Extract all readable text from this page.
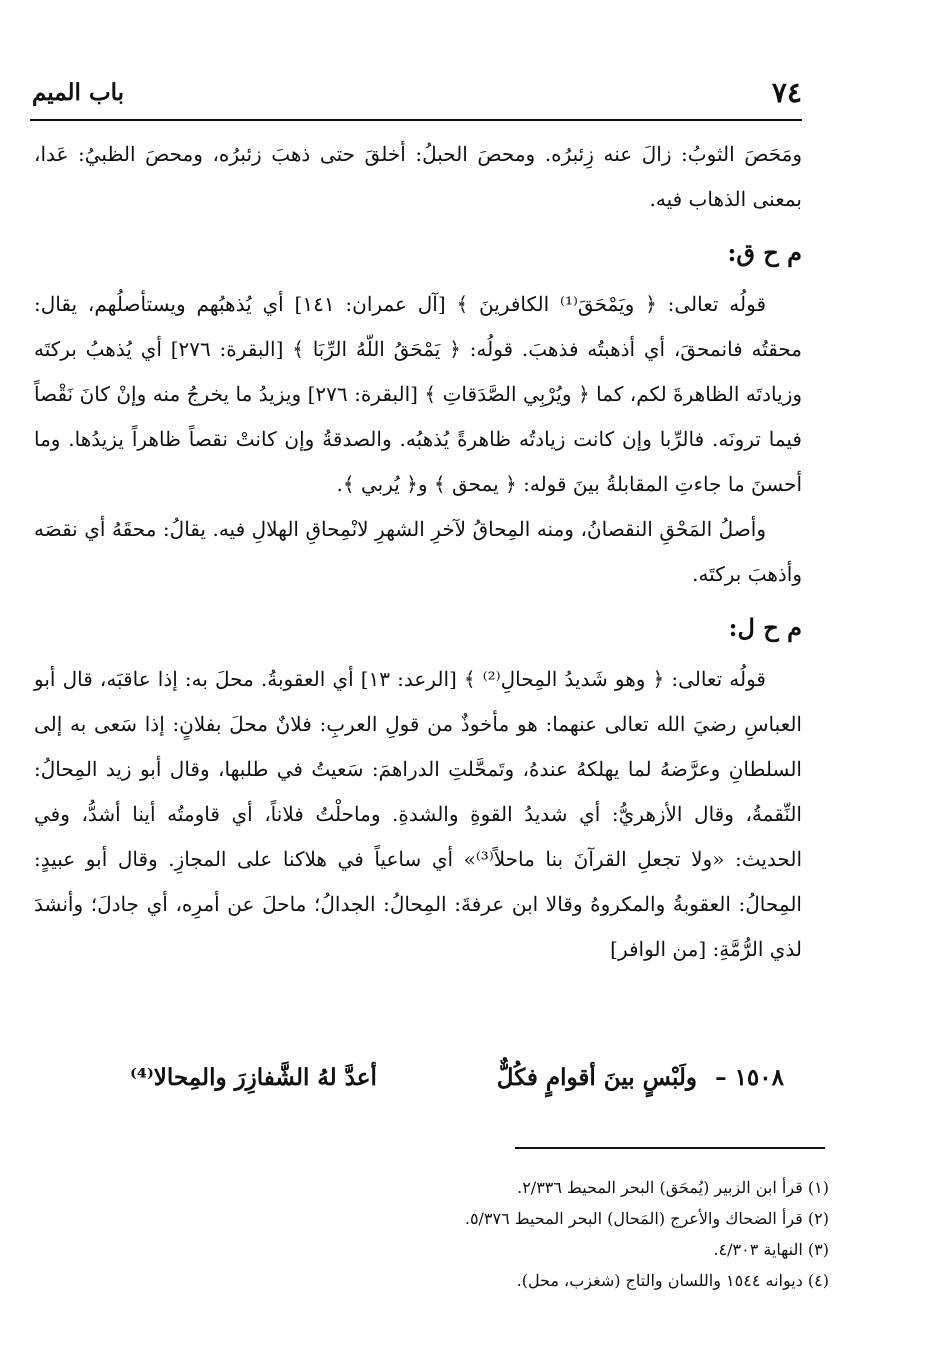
٧٤
باب الميم

ومَحَصَ الثوبُ: زالَ عنه زِئبرُه. ومحصَ الحبلُ: أخلقَ حتى ذهبَ زئبرُه، ومحصَ الظبيُ: عَدا، بمعنى الذهاب فيه.

م ح ق:

قولُه تعالى: ﴿ ويَمْحَقَ⁽¹⁾ الكافرينَ ﴾ [آل عمران: ١٤١] أي يُذهبُهم ويستأصلُهم، يقال: محقتُه فانمحقَ، أي أذهبتُه فذهبَ. قولُه: ﴿ يَمْحَقُ اللّهُ الرِّبَا ﴾ [البقرة: ٢٧٦] أي يُذهبُ بركتَه وزيادتَه الظاهرةَ لكم، كما ﴿ ويُرْبِي الصَّدَقاتِ ﴾ [البقرة: ٢٧٦] ويزيدُ ما يخرجُ منه وإنْ كانَ نَقْصاً فيما ترونَه. فالرِّبا وإن كانت زيادتُه ظاهرةً يُذهبُه. والصدقةُ وإن كانتْ نقصاً ظاهراً يزيدُها. وما أحسنَ ما جاءتِ المقابلةُ بينَ قوله: ﴿ يمحق ﴾ و﴿ يُربي ﴾.

وأصلُ المَحْقِ النقصانُ، ومنه المِحاقُ لآخرِ الشهرِ لانْمِحاقِ الهلالِ فيه. يقالُ: محقَهُ أي نقصَه وأذهبَ بركتَه.

م ح ل:

قولُه تعالى: ﴿ وهو شَديدُ المِحالِ⁽²⁾ ﴾ [الرعد: ١٣] أي العقوبةُ. محلَ به: إذا عاقبَه، قال أبو العباسِ رضيَ الله تعالى عنهما: هو مأخوذٌ من قولِ العربِ: فلانٌ محلَ بفلانٍ: إذا سَعى به إلى السلطانِ وعرَّضهُ لما يهلكهُ عندهُ، وتَمحَّلتِ الدراهمَ: سَعيتُ في طلبها، وقال أبو زيد المِحالُ: النِّقمةُ، وقال الأزهريُّ: أي شديدُ القوةِ والشدةِ. وماحلْتُ فلاناً، أي قاومتُه أينا أشدُّ، وفي الحديث: «ولا تجعلِ القرآنَ بنا ماحلاً⁽³⁾» أي ساعياً في هلاكنا على المجازِ. وقال أبو عبيدٍ: المِحالُ: العقوبةُ والمكروهُ وقالا ابن عرفةَ: المِحالُ: الجدالُ؛ ماحلَ عن أمرِه، أي جادلَ؛ وأنشدَ لذي الرُّمَّةِ: [من الوافر]

١٥٠٨ – ولَبْسٍ بينَ أقوامٍ فكُلٌّ
أعدَّ لهُ الشَّفازِرَ والمِحالا⁽⁴⁾

(١) قرأ ابن الزبير (يُمحَق) البحر المحيط ٢/٣٣٦.

(٢) قرأ الضحاك والأعرج (المَحال) البحر المحيط ٥/٣٧٦.

(٣) النهاية ٤/٣٠٣.

(٤) ديوانه ١٥٤٤ واللسان والتاج (شغزب، محل).
